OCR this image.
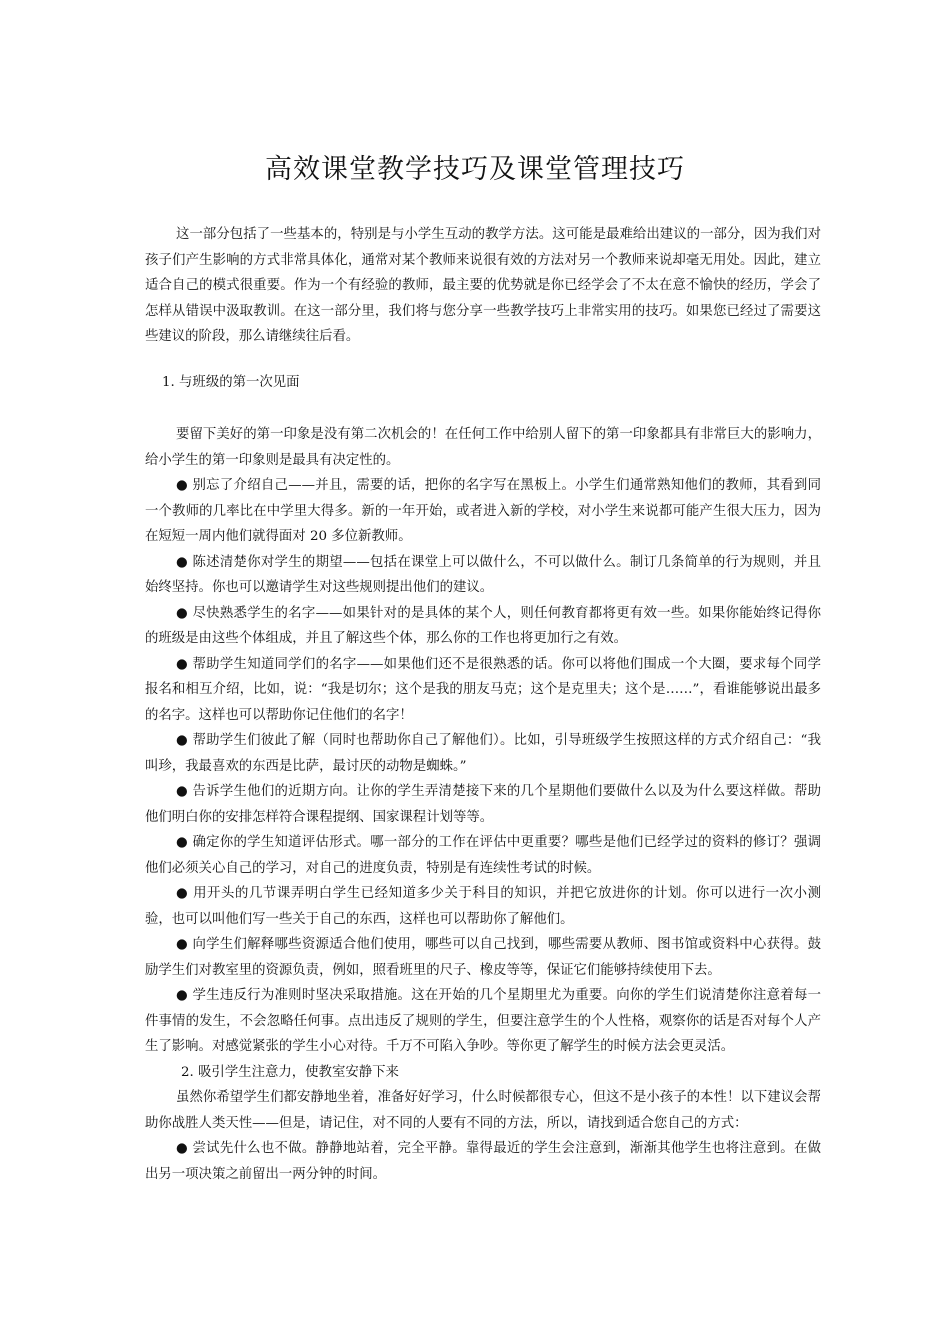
高效课堂教学技巧及课堂管理技巧

这一部分包括了一些基本的，特别是与小学生互动的教学方法。这可能是最难给出建议的一部分，因为我们对孩子们产生影响的方式非常具体化，通常对某个教师来说很有效的方法对另一个教师来说却毫无用处。因此，建立适合自己的模式很重要。作为一个有经验的教师，最主要的优势就是你已经学会了不太在意不愉快的经历，学会了怎样从错误中汲取教训。在这一部分里，我们将与您分享一些教学技巧上非常实用的技巧。如果您已经过了需要这些建议的阶段，那么请继续往后看。

1. 与班级的第一次见面

要留下美好的第一印象是没有第二次机会的！在任何工作中给别人留下的第一印象都具有非常巨大的影响力，给小学生的第一印象则是最具有决定性的。

● 别忘了介绍自己——并且，需要的话，把你的名字写在黑板上。小学生们通常熟知他们的教师，其看到同一个教师的几率比在中学里大得多。新的一年开始，或者进入新的学校，对小学生来说都可能产生很大压力，因为在短短一周内他们就得面对 20 多位新教师。

● 陈述清楚你对学生的期望——包括在课堂上可以做什么，不可以做什么。制订几条简单的行为规则，并且始终坚持。你也可以邀请学生对这些规则提出他们的建议。

● 尽快熟悉学生的名字——如果针对的是具体的某个人，则任何教育都将更有效一些。如果你能始终记得你的班级是由这些个体组成，并且了解这些个体，那么你的工作也将更加行之有效。

● 帮助学生知道同学们的名字——如果他们还不是很熟悉的话。你可以将他们围成一个大圈，要求每个同学报名和相互介绍，比如，说：“我是切尔；这个是我的朋友马克；这个是克里夫；这个是……”，看谁能够说出最多的名字。这样也可以帮助你记住他们的名字！

● 帮助学生们彼此了解（同时也帮助你自己了解他们）。比如，引导班级学生按照这样的方式介绍自己：“我叫珍，我最喜欢的东西是比萨，最讨厌的动物是蜘蛛。”

● 告诉学生他们的近期方向。让你的学生弄清楚接下来的几个星期他们要做什么以及为什么要这样做。帮助他们明白你的安排怎样符合课程提纲、国家课程计划等等。

● 确定你的学生知道评估形式。哪一部分的工作在评估中更重要？哪些是他们已经学过的资料的修订？强调他们必须关心自己的学习，对自己的进度负责，特别是有连续性考试的时候。

● 用开头的几节课弄明白学生已经知道多少关于科目的知识，并把它放进你的计划。你可以进行一次小测验，也可以叫他们写一些关于自己的东西，这样也可以帮助你了解他们。

● 向学生们解释哪些资源适合他们使用，哪些可以自己找到，哪些需要从教师、图书馆或资料中心获得。鼓励学生们对教室里的资源负责，例如，照看班里的尺子、橡皮等等，保证它们能够持续使用下去。

● 学生违反行为准则时坚决采取措施。这在开始的几个星期里尤为重要。向你的学生们说清楚你注意着每一件事情的发生，不会忽略任何事。点出违反了规则的学生，但要注意学生的个人性格，观察你的话是否对每个人产生了影响。对感觉紧张的学生小心对待。千万不可陷入争吵。等你更了解学生的时候方法会更灵活。

2. 吸引学生注意力，使教室安静下来

虽然你希望学生们都安静地坐着，准备好好学习，什么时候都很专心，但这不是小孩子的本性！以下建议会帮助你战胜人类天性——但是，请记住，对不同的人要有不同的方法，所以，请找到适合您自己的方式：

● 尝试先什么也不做。静静地站着，完全平静。靠得最近的学生会注意到，渐渐其他学生也将注意到。在做出另一项决策之前留出一两分钟的时间。
